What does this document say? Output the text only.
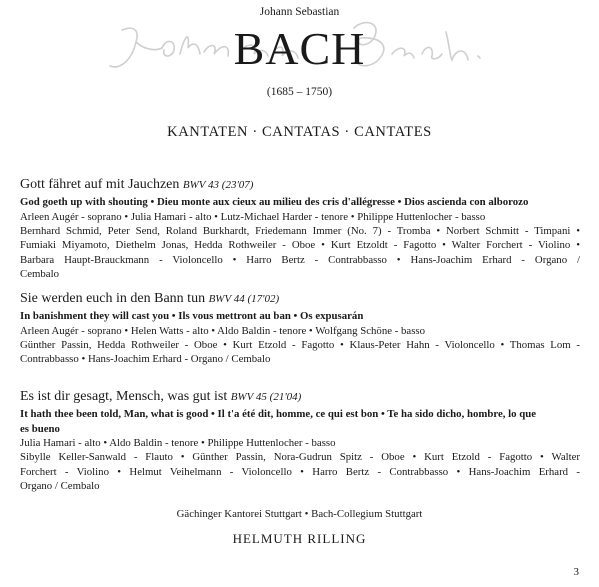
Johann Sebastian
BACH
(1685 – 1750)
KANTATEN · CANTATAS · CANTATES
Gott fähret auf mit Jauchzen BWV 43 (23'07)
God goeth up with shouting • Dieu monte aux cieux au milieu des cris d'allégresse • Dios ascienda con alborozo
Arleen Augér - soprano • Julia Hamari - alto • Lutz-Michael Harder - tenore • Philippe Huttenlocher - basso
Bernhard Schmid, Peter Send, Roland Burkhardt, Friedemann Immer (No. 7) - Tromba • Norbert Schmitt - Timpani •
Fumiaki Miyamoto, Diethelm Jonas, Hedda Rothweiler - Oboe • Kurt Etzoldt - Fagotto • Walter Forchert - Violino •
Barbara Haupt-Brauckmann - Violoncello • Harro Bertz - Contrabbasso • Hans-Joachim Erhard - Organo /
Cembalo
Sie werden euch in den Bann tun BWV 44 (17'02)
In banishment they will cast you • Ils vous mettront au ban • Os expusarán
Arleen Augér - soprano • Helen Watts - alto • Aldo Baldin - tenore • Wolfgang Schöne - basso
Günther Passin, Hedda Rothweiler - Oboe • Kurt Etzold - Fagotto • Klaus-Peter Hahn - Violoncello • Thomas Lom -
Contrabbasso • Hans-Joachim Erhard - Organo / Cembalo
Es ist dir gesagt, Mensch, was gut ist BWV 45 (21'04)
It hath thee been told, Man, what is good • Il t'a été dit, homme, ce qui est bon • Te ha sido dicho, hombre, lo que
es bueno
Julia Hamari - alto • Aldo Baldin - tenore • Philippe Huttenlocher - basso
Sibylle Keller-Sanwald - Flauto • Günther Passin, Nora-Gudrun Spitz - Oboe • Kurt Etzold - Fagotto • Walter
Forchert - Violino • Helmut Veihelmann - Violoncello • Harro Bertz - Contrabbasso • Hans-Joachim Erhard -
Organo / Cembalo
Gächinger Kantorei Stuttgart • Bach-Collegium Stuttgart
HELMUTH RILLING
3
